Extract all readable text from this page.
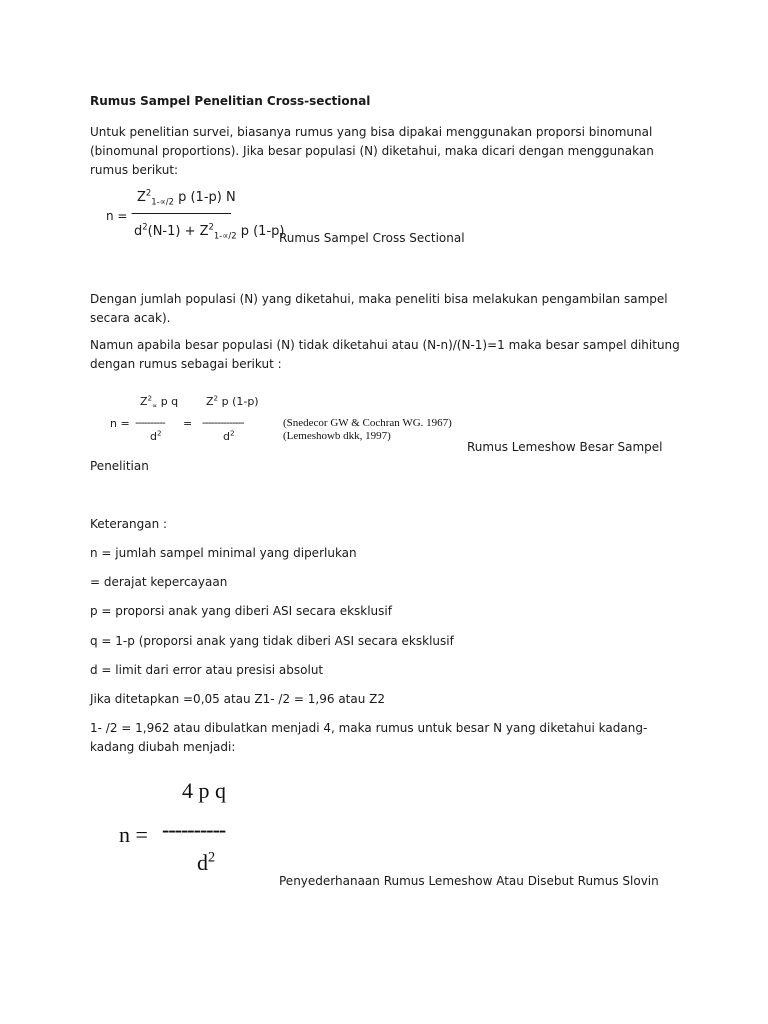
Rumus Sampel Penelitian Cross-sectional

Untuk penelitian survei, biasanya rumus yang bisa dipakai menggunakan proporsi binomunal (binomunal proportions). Jika besar populasi (N) diketahui, maka dicari dengan menggunakan rumus berikut:

$Z^2_{1-\propto/2}$ p (1-p) N
n = -----------------------------------
$d^2(N-1) + Z^2_{1-\propto/2}$ p (1-p)
Rumus Sampel Cross Sectional

Dengan jumlah populasi (N) yang diketahui, maka peneliti bisa melakukan pengambilan sampel secara acak).

Namun apabila besar populasi (N) tidak diketahui atau (N-n)/(N-1)=1 maka besar sampel dihitung dengan rumus sebagai berikut :

$Z^2_\propto$ p q	$Z^2$ p (1-p)
n = ---------- = --------------
$d^2$	$d^2$
(Snedecor GW & Cochran WG. 1967)
(Lemeshowb dkk, 1997)
Rumus Lemeshow Besar Sampel

Penelitian

Keterangan :

n = jumlah sampel minimal yang diperlukan

= derajat kepercayaan

p = proporsi anak yang diberi ASI secara eksklusif

q = 1-p (proporsi anak yang tidak diberi ASI secara eksklusif

d = limit dari error atau presisi absolut

Jika ditetapkan =0,05 atau Z1- /2 = 1,96 atau Z2

1- /2 = 1,962 atau dibulatkan menjadi 4, maka rumus untuk besar N yang diketahui kadang-kadang diubah menjadi:

4 p q
n = ----------
$d^2$
Penyederhanaan Rumus Lemeshow Atau Disebut Rumus Slovin
